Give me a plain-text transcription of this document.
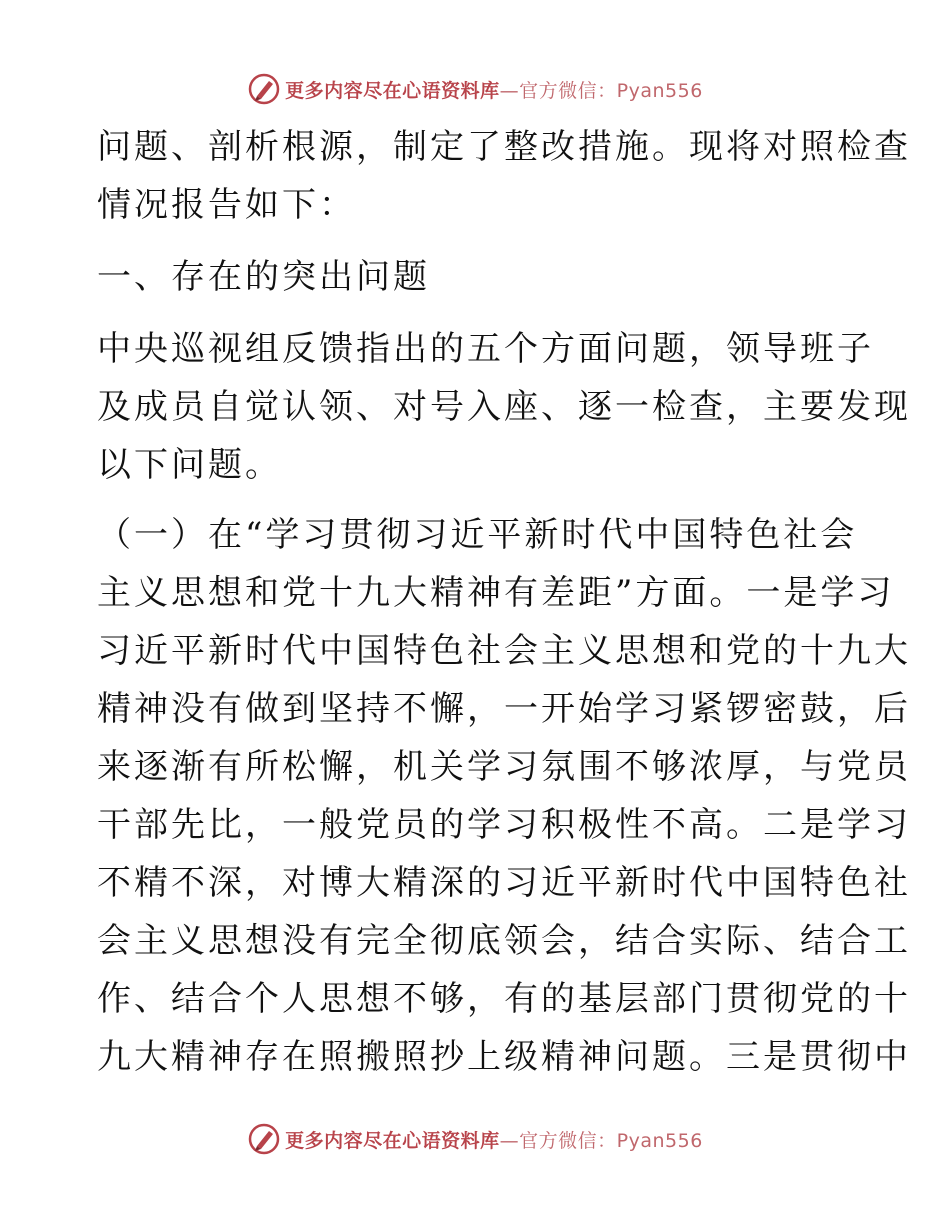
更多内容尽在心语资料库—官方微信：Pyan556
问题、剖析根源，制定了整改措施。现将对照检查
情况报告如下：
一、存在的突出问题
中央巡视组反馈指出的五个方面问题，领导班子
及成员自觉认领、对号入座、逐一检查，主要发现
以下问题。
（一）在“学习贯彻习近平新时代中国特色社会
主义思想和党十九大精神有差距”方面。一是学习
习近平新时代中国特色社会主义思想和党的十九大
精神没有做到坚持不懈，一开始学习紧锣密鼓，后
来逐渐有所松懈，机关学习氛围不够浓厚，与党员
干部先比，一般党员的学习积极性不高。二是学习
不精不深，对博大精深的习近平新时代中国特色社
会主义思想没有完全彻底领会，结合实际、结合工
作、结合个人思想不够，有的基层部门贯彻党的十
九大精神存在照搬照抄上级精神问题。三是贯彻中
更多内容尽在心语资料库—官方微信：Pyan556
